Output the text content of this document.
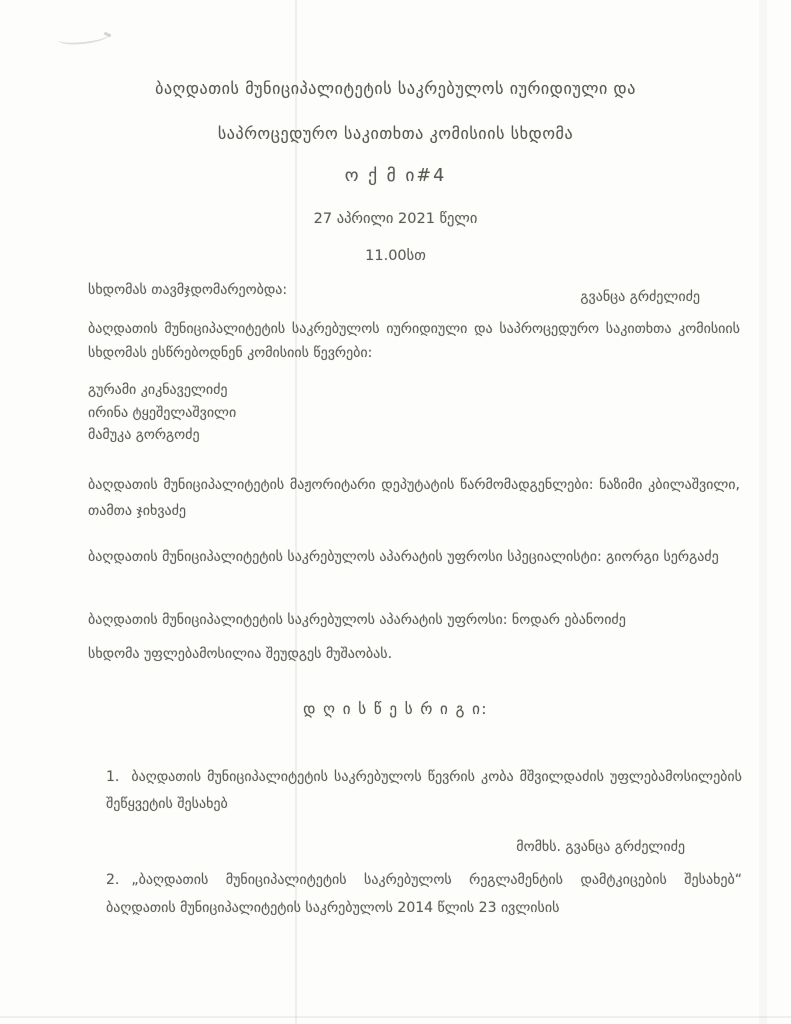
ბაღდათის მუნიციპალიტეტის საკრებულოს იურიდიული და
საპროცედურო საკითხთა კომისიის სხდომა
ო ქ მ ი#4
27 აპრილი 2021 წელი
11.00სთ
სხდომას თავმჯდომარეობდა:	გვანცა გრძელიძე
ბაღდათის მუნიციპალიტეტის საკრებულოს იურიდიული და საპროცედურო საკითხთა კომისიის სხდომას ესწრებოდნენ კომისიის წევრები:
გურამი კიკნაველიძე
ირინა ტყეშელაშვილი
მამუკა გორგოძე
ბაღდათის მუნიციპალიტეტის მაჟორიტარი დეპუტატის წარმომადგენლები: ნაზიმი კბილაშვილი, თამთა ჯიხვაძე
ბაღდათის მუნიციპალიტეტის საკრებულოს აპარატის უფროსი სპეციალისტი: გიორგი სერგაძე
ბაღდათის მუნიციპალიტეტის საკრებულოს აპარატის უფროსი: ნოდარ ებანოიძე
სხდომა უფლებამოსილია შეუდგეს მუშაობას.
დ ღ ი ს წ ე ს რ ი გ ი:
1. ბაღდათის მუნიციპალიტეტის საკრებულოს წევრის კობა მშვილდაძის უფლებამოსილების შეწყვეტის შესახებ
მომხს. გვანცა გრძელიძე
2. „ბაღდათის მუნიციპალიტეტის საკრებულოს რეგლამენტის დამტკიცების შესახებ“ ბაღდათის მუნიციპალიტეტის საკრებულოს 2014 წლის 23 ივლისის
